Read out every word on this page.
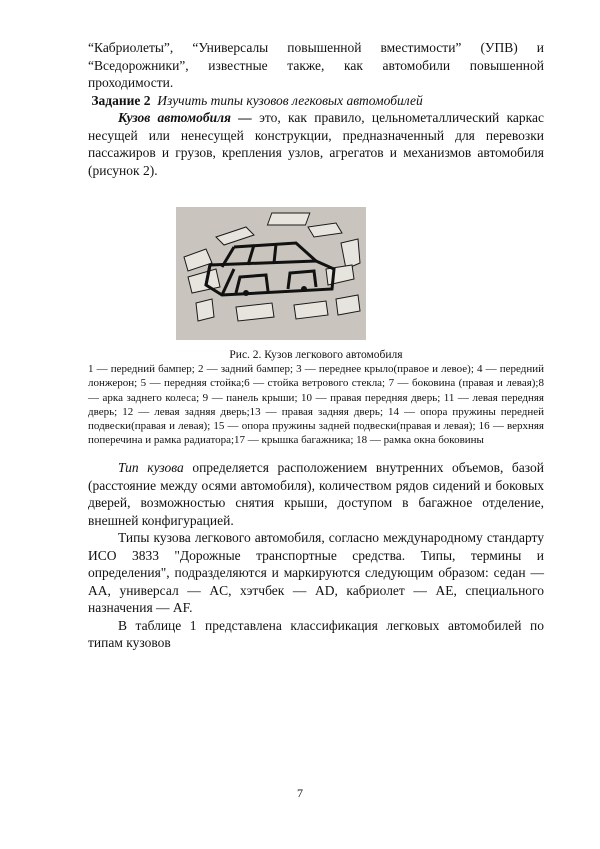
“Кабриолеты”, “Универсалы повышенной вместимости” (УПВ) и “Вседорожники”, известные также, как автомобили повышенной проходимости.

Задание 2 Изучить типы кузовов легковых автомобилей

Кузов автомобиля — это, как правило, цельнометаллический каркас несущей или ненесущей конструкции, предназначенный для перевозки пассажиров и грузов, крепления узлов, агрегатов и механизмов автомобиля (рисунок 2).

Рис. 2. Кузов легкового автомобиля

1 — передний бампер; 2 — задний бампер; 3 — переднее крыло(правое и левое); 4 — передний лонжерон; 5 — передняя стойка;6 — стойка ветрового стекла; 7 — боковина (правая и левая);8 — арка заднего колеса; 9 — панель крыши; 10 — правая передняя дверь; 11 — левая передняя дверь; 12 — левая задняя дверь;13 — правая задняя дверь; 14 — опора пружины передней подвески(правая и левая); 15 — опора пружины задней подвески(правая и левая); 16 — верхняя поперечина и рамка радиатора;17 — крышка багажника; 18 — рамка окна боковины

Тип кузова определяется расположением внутренних объемов, базой (расстояние между осями автомобиля), количеством рядов сидений и боковых дверей, возможностью снятия крыши, доступом в багажное отделение, внешней конфигурацией.

Типы кузова легкового автомобиля, согласно международному стандарту ИСО 3833 "Дорожные транспортные средства. Типы, термины и определения", подразделяются и маркируются следующим образом: седан — AA, универсал — AC, хэтчбек — AD, кабриолет — AE, специального назначения — AF.

В таблице 1 представлена классификация легковых автомобилей по типам кузовов

7
